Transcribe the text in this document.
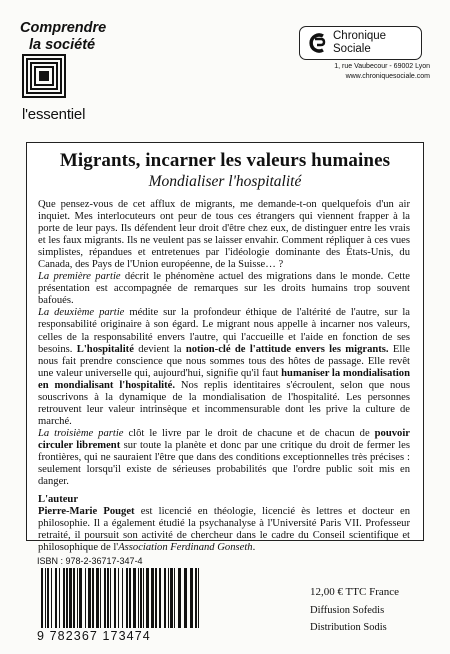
Comprendre
la société
l'essentiel
Chronique
Sociale
1, rue Vaubecour - 69002 Lyon
www.chroniquesociale.com
Migrants, incarner les valeurs humaines
Mondialiser l'hospitalité

Que pensez-vous de cet afflux de migrants, me demande-t-on quelquefois d'un air inquiet. Mes interlocuteurs ont peur de tous ces étrangers qui viennent frapper à la porte de leur pays. Ils défendent leur droit d'être chez eux, de distinguer entre les vrais et les faux migrants. Ils ne veulent pas se laisser envahir. Comment répliquer à ces vues simplistes, répandues et entretenues par l'idéologie dominante des États-Unis, du Canada, des Pays de l'Union européenne, de la Suisse… ?

La première partie décrit le phénomène actuel des migrations dans le monde. Cette présentation est accompagnée de remarques sur les droits humains trop souvent bafoués.

La deuxième partie médite sur la profondeur éthique de l'altérité de l'autre, sur la responsabilité originaire à son égard. Le migrant nous appelle à incarner nos valeurs, celles de la responsabilité envers l'autre, qui l'accueille et l'aide en fonction de ses besoins. L'hospitalité devient la notion-clé de l'attitude envers les migrants. Elle nous fait prendre conscience que nous sommes tous des hôtes de passage. Elle revêt une valeur universelle qui, aujourd'hui, signifie qu'il faut humaniser la mondialisation en mondialisant l'hospitalité. Nos replis identitaires s'écroulent, selon que nous souscrivons à la dynamique de la mondialisation de l'hospitalité. Les personnes retrouvent leur valeur intrinsèque et incommensurable dont les prive la culture de marché.

La troisième partie clôt le livre par le droit de chacune et de chacun de pouvoir circuler librement sur toute la planète et donc par une critique du droit de fermer les frontières, qui ne sauraient l'être que dans des conditions exceptionnelles très précises : seulement lorsqu'il existe de sérieuses probabilités que l'ordre public soit mis en danger.

L'auteur

Pierre-Marie Pouget est licencié en théologie, licencié ès lettres et docteur en philosophie. Il a également étudié la psychanalyse à l'Université Paris VII. Professeur retraité, il poursuit son activité de chercheur dans le cadre du Conseil scientifique et philosophique de l'Association Ferdinand Gonseth.

ISBN : 978-2-36717-347-4
9 782367 173474
12,00 € TTC France
Diffusion Sofedis
Distribution Sodis
